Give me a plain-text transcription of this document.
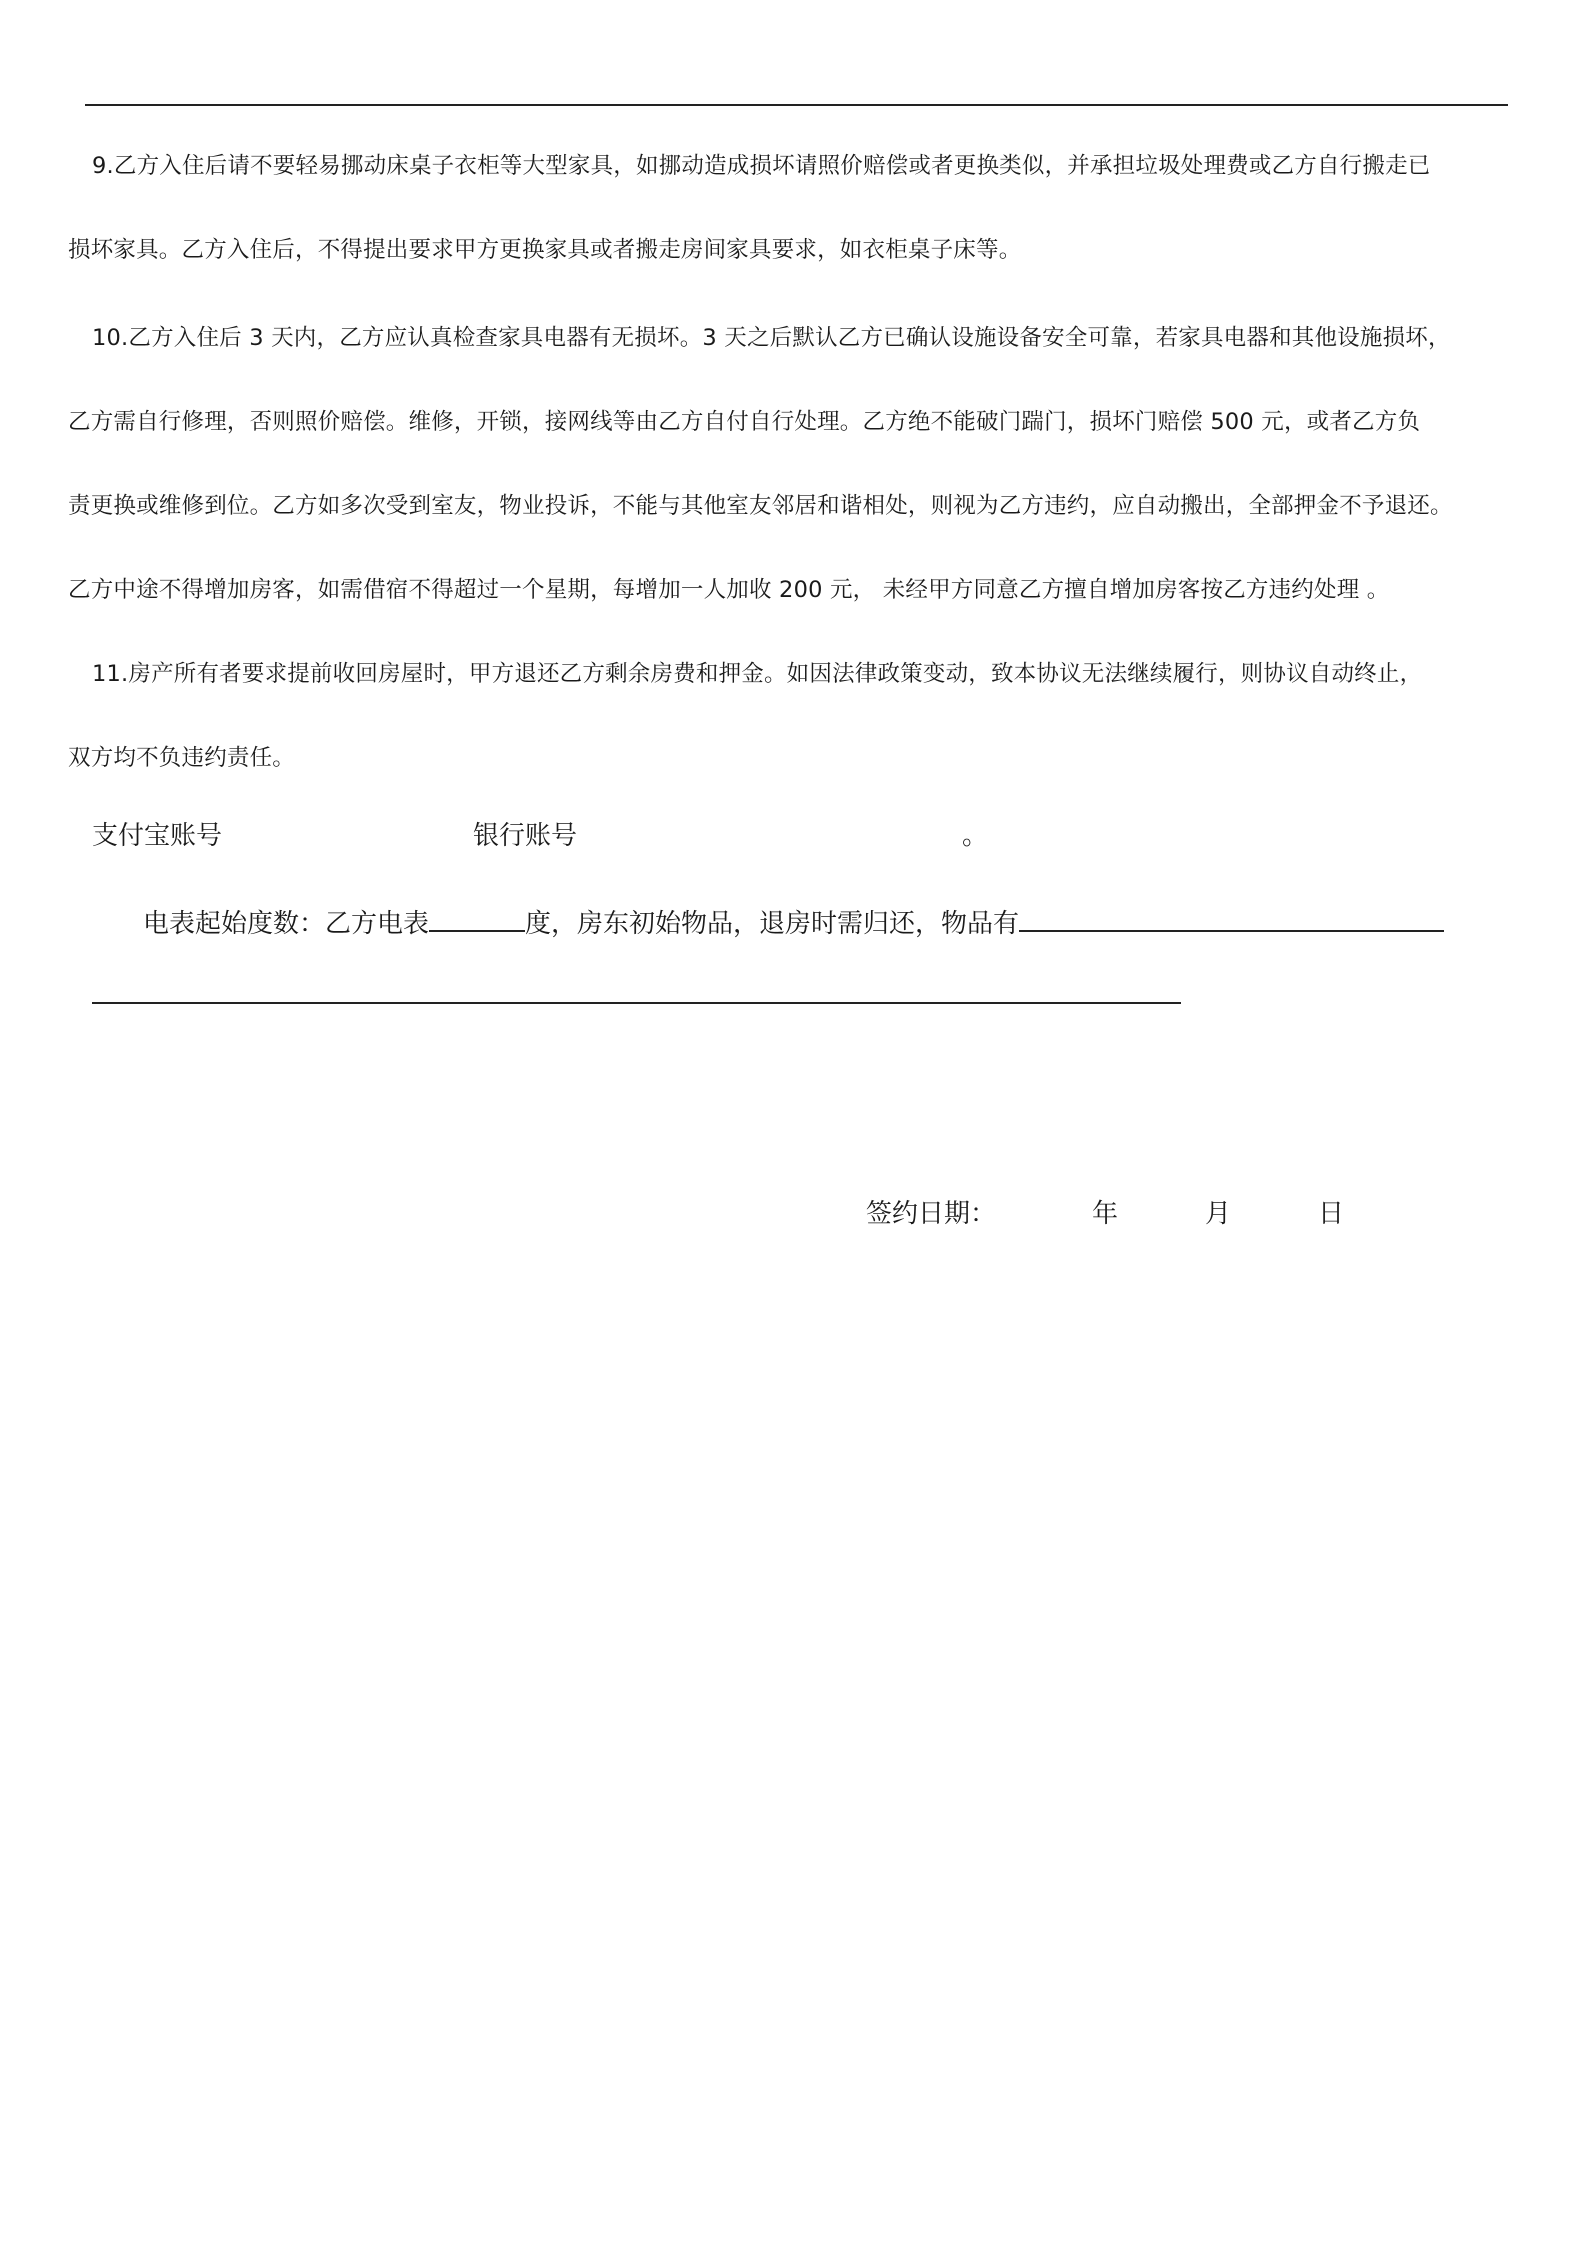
9.乙方入住后请不要轻易挪动床桌子衣柜等大型家具，如挪动造成损坏请照价赔偿或者更换类似，并承担垃圾处理费或乙方自行搬走已
损坏家具。乙方入住后，不得提出要求甲方更换家具或者搬走房间家具要求，如衣柜桌子床等。
10.乙方入住后 3 天内，乙方应认真检查家具电器有无损坏。3 天之后默认乙方已确认设施设备安全可靠，若家具电器和其他设施损坏，
乙方需自行修理，否则照价赔偿。维修，开锁，接网线等由乙方自付自行处理。乙方绝不能破门踹门，损坏门赔偿 500 元，或者乙方负
责更换或维修到位。乙方如多次受到室友，物业投诉，不能与其他室友邻居和谐相处，则视为乙方违约，应自动搬出，全部押金不予退还。
乙方中途不得增加房客，如需借宿不得超过一个星期，每增加一人加收 200 元， 未经甲方同意乙方擅自增加房客按乙方违约处理 。
11.房产所有者要求提前收回房屋时，甲方退还乙方剩余房费和押金。如因法律政策变动，致本协议无法继续履行，则协议自动终止，
双方均不负违约责任。
支付宝账号	银行账号	。
电表起始度数：乙方电表	度，房东初始物品，退房时需归还，物品有
签约日期：	年	月	日
